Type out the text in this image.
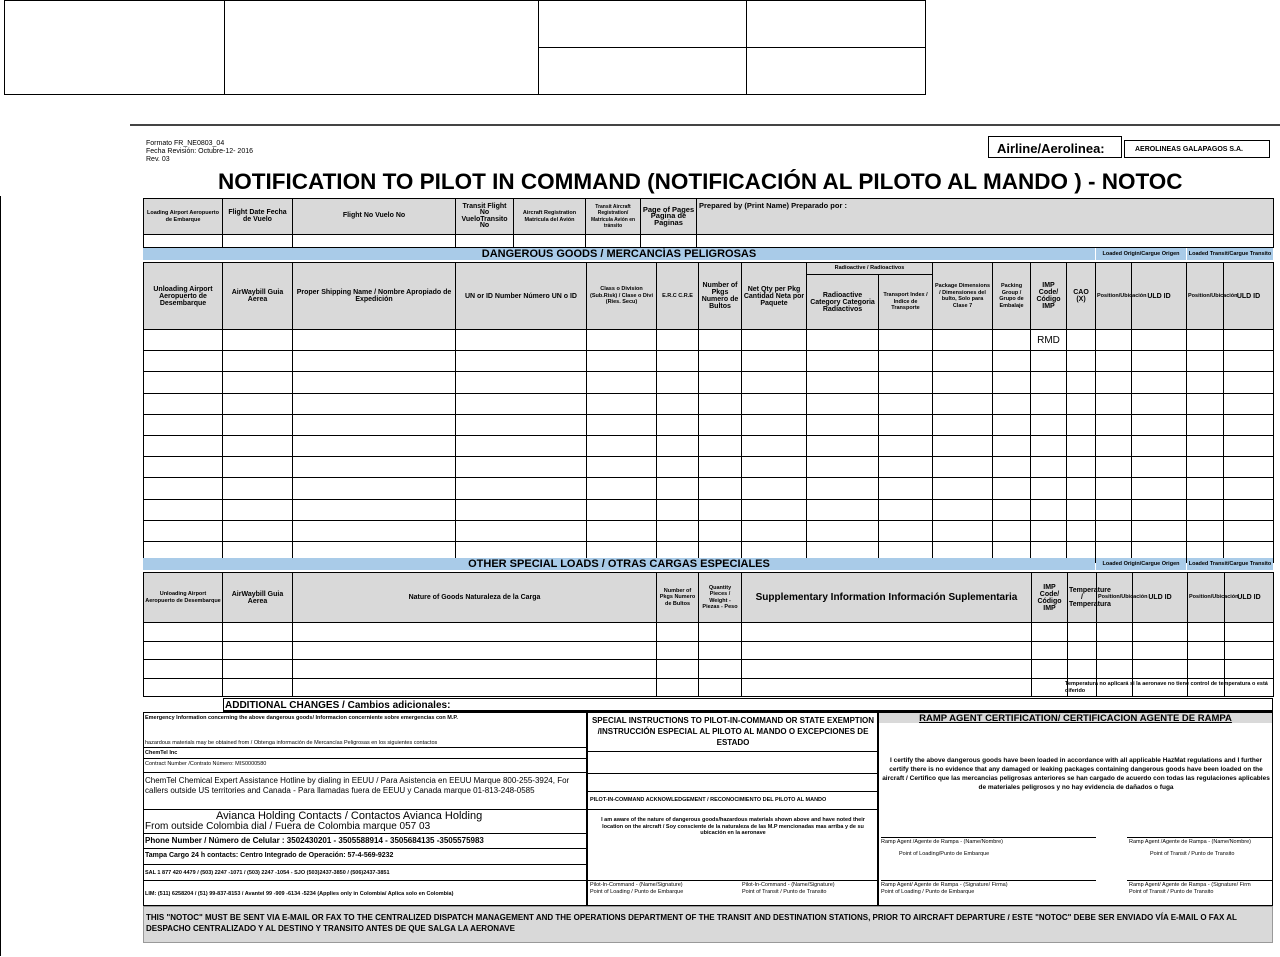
Formato FR_NE0803_04
Fecha Revisión: Octubre-12- 2016
Rev. 03
Airline/Aerolinea:	AEROLINEAS GALAPAGOS S.A.
NOTIFICATION TO PILOT IN COMMAND (NOTIFICACIÓN AL PILOTO AL MANDO ) - NOTOC
Loading Airport Aeropuerto de Embarque	Flight Date Fecha de Vuelo	Flight No Vuelo No	Transit Flight No VueloTransito No	Aircraft Registration Matricula del Avión	Transit Aircraft Registration/ Matricula Avión en tránsito	Page of Pages Pagina de Paginas	Prepared by (Print Name) Preparado por :

DANGEROUS GOODS / MERCANCÍAS PELIGROSAS	Loaded Origin/Cargue Origen	Loaded Transit/Cargue Transito
Unloading Airport Aeropuerto de Desembarque	AirWaybill Guia Aerea	Proper Shipping Name / Nombre Apropiado de Expedición	UN or ID Number Número UN o ID	Class o Division (Sub.Risk) / Clase o Divi (Ries. Secu)	E.R.C C.R.E	Number of Pkgs Numero de Bultos	Net Qty per Pkg Cantidad Neta por Paquete	Radioactive / Radioactivos		Package Dimensions / Dimensiones del bulto, Solo para Clase 7	Packing Group / Grupo de Embalaje	IMP Code/ Código IMP	CAO (X)	Position/Ubicación	ULD ID	Position/Ubicación	ULD ID
								Radioactive Category Categoria Radiactivos	Transport Index / Indice de Transporte								
												RMD					

OTHER SPECIAL LOADS / OTRAS CARGAS ESPECIALES	Loaded Origin/Cargue Origen	Loaded Transit/Cargue Transito
Unloading Airport Aeropuerto de Desembarque	AirWaybill Guia Aerea	Nature of Goods Naturaleza de la Carga	Number of Pkgs Numero de Bultos	Quantity Pieces / Weight - Piezas - Peso	Supplementary Information Información Suplementaria	IMP Code/ Código IMP	Temperature / Temperatura	Position/Ubicación	ULD ID	Position/Ubicación	ULD ID

Temperatura no aplicará si la aeronave no tiene control de temperatura o está diferido
ADDITIONAL CHANGES / Cambios adicionales:
Emergency Information concerning the above dangerous goods/ Informacion concerniente sobre emergencias con M.P.
hazardous materials may be obtained from / Obtenga información de Mercancías Peligrosas en los siguientes contactos
ChemTel Inc
Contract Number /Contrato Número: MIS0000580
ChemTel Chemical Expert Assistance Hotline by dialing in EEUU / Para Asistencia en EEUU Marque 800-255-3924, For callers outside US territories and Canada - Para llamadas fuera de EEUU y Canada marque 01-813-248-0585
Avianca Holding Contacts / Contactos Avianca Holding
From outside Colombia dial / Fuera de Colombia marque 057 03
Phone Number / Número de Celular : 3502430201 - 3505588914 - 3505684135 -3505575983
Tampa Cargo 24 h contacts: Centro Integrado de Operación: 57-4-569-9232
SAL 1 877 420 4479 / (503) 2247 -1071 / (503) 2247 -1054 - SJO (503)2437-3850 / (506)2437-3851
LIM: (511) 6258204 / (51) 99-837-8153 / Avantel 99 -909 -6134 -5234 (Applies only in Colombia/ Aplica solo en Colombia)
SPECIAL INSTRUCTIONS TO PILOT-IN-COMMAND OR STATE EXEMPTION /INSTRUCCIÓN ESPECIAL AL PILOTO AL MANDO O EXCEPCIONES DE ESTADO
PILOT-IN-COMMAND ACKNOWLEDGEMENT / RECONOCIMIENTO DEL PILOTO AL MANDO
I am aware of the nature of dangerous goods/hazardous materials shown above and have noted their location on the aircraft / Soy consciente de la naturaleza de las M.P mencionadas mas arriba y de su ubicación en la aeronave
Pilot-In-Command - (Name/Signature)
Point of Loading / Punto de Embarque
Pilot-In-Command - (Name/Signature)
Point of Transit / Punto de Transito
RAMP AGENT CERTIFICATION/ CERTIFICACION AGENTE DE RAMPA
I certify the above dangerous goods have been loaded in accordance with all applicable HazMat regulations and I further certify there is no evidence that any damaged or leaking packages containing dangerous goods have been loaded on the aircraft / Certifico que las mercancias peligrosas anteriores se han cargado de acuerdo con todas las regulaciones aplicables de materiales peligrosos y no hay evidencia de dañados o fuga
Ramp Agent /Agente de Rampa - (Name/Nombre)
Point of Loading/Punto de Embarque
Ramp Agent /Agente de Rampa - (Name/Nombre)
Point of Transit / Punto de Transito
Ramp Agent/ Agente de Rampa - (Signature/ Firma)
Point of Loading / Punto de Embarque
Ramp Agent/ Agente de Rampa - (Signature/ Firm
Point of Transit / Punto de Transito
THIS "NOTOC" MUST BE SENT VIA E-MAIL OR FAX TO THE CENTRALIZED DISPATCH MANAGEMENT AND THE OPERATIONS DEPARTMENT OF THE TRANSIT AND DESTINATION STATIONS, PRIOR TO AIRCRAFT DEPARTURE / ESTE "NOTOC" DEBE SER ENVIADO VÍA E-MAIL O FAX AL DESPACHO CENTRALIZADO Y AL DESTINO Y TRANSITO ANTES DE QUE SALGA LA AERONAVE
